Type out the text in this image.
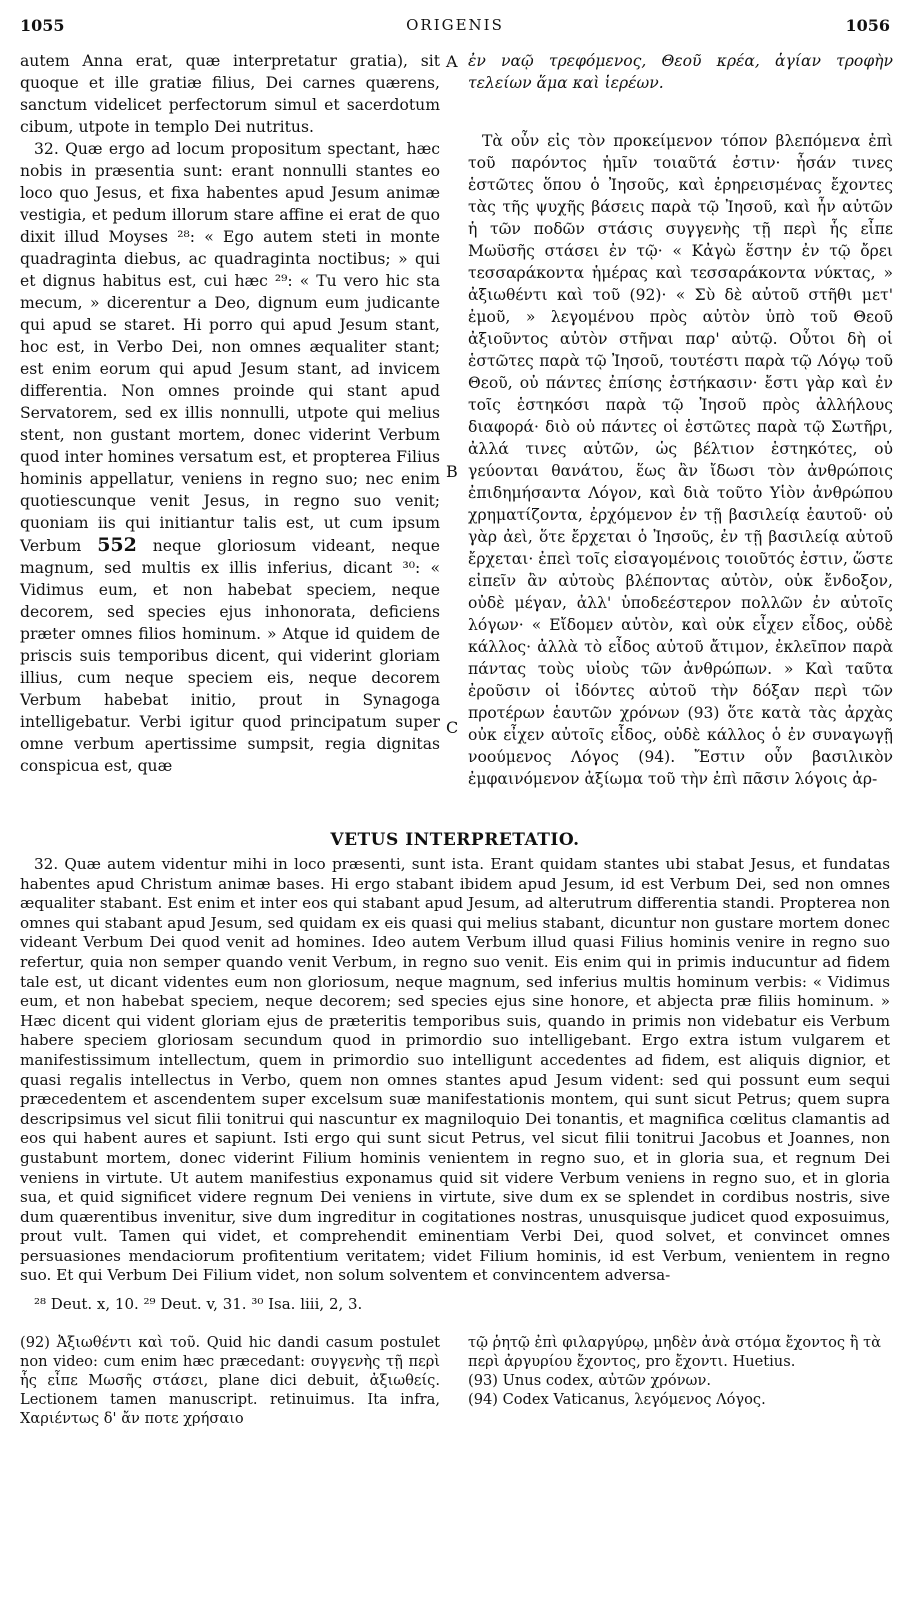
1055	ORIGENIS	1056

autem Anna erat, quæ interpretatur gratia), sit quoque et ille gratiæ filius, Dei carnes quærens, sanctum videlicet perfectorum simul et sacerdotum cibum, utpote in templo Dei nutritus.

32. Quæ ergo ad locum propositum spectant, hæc nobis in præsentia sunt: erant nonnulli stantes eo loco quo Jesus, et fixa habentes apud Jesum animæ vestigia, et pedum illorum stare affine ei erat de quo dixit illud Moyses ²⁸: « Ego autem steti in monte quadraginta diebus, ac quadraginta noctibus; » qui et dignus habitus est, cui hæc ²⁹: « Tu vero hic sta mecum, » dicerentur a Deo, dignum eum judicante qui apud se staret. Hi porro qui apud Jesum stant, hoc est, in Verbo Dei, non omnes æqualiter stant; est enim eorum qui apud Jesum stant, ad invicem differentia. Non omnes proinde qui stant apud Servatorem, sed ex illis nonnulli, utpote qui melius stent, non gustant mortem, donec viderint Verbum quod inter homines versatum est, et propterea Filius hominis appellatur, veniens in regno suo; nec enim quotiescunque venit Jesus, in regno suo venit; quoniam iis qui initiantur talis est, ut cum ipsum Verbum 552 neque gloriosum videant, neque magnum, sed multis ex illis inferius, dicant ³⁰: « Vidimus eum, et non habebat speciem, neque decorem, sed species ejus inhonorata, deficiens præter omnes filios hominum. » Atque id quidem de priscis suis temporibus dicent, qui viderint gloriam illius, cum neque speciem eis, neque decorem Verbum habebat initio, prout in Synagoga intelligebatur. Verbi igitur quod principatum super omne verbum apertissime sumpsit, regia dignitas conspicua est, quæ

A
B
C

ἐν ναῷ τρεφόμενος, Θεοῦ κρέα, ἁγίαν τροφὴν τελείων ἅμα καὶ ἱερέων.

Τὰ οὖν εἰς τὸν προκείμενον τόπον βλεπόμενα ἐπὶ τοῦ παρόντος ἡμῖν τοιαῦτά ἐστιν· ἦσάν τινες ἑστῶτες ὅπου ὁ Ἰησοῦς, καὶ ἐρηρεισμένας ἔχοντες τὰς τῆς ψυχῆς βάσεις παρὰ τῷ Ἰησοῦ, καὶ ἦν αὐτῶν ἡ τῶν ποδῶν στάσις συγγενὴς τῇ περὶ ἧς εἶπε Μωϋσῆς στάσει ἐν τῷ· « Κἀγὼ ἕστην ἐν τῷ ὄρει τεσσαράκοντα ἡμέρας καὶ τεσσαράκοντα νύκτας, » ἀξιωθέντι καὶ τοῦ (92)· « Σὺ δὲ αὐτοῦ στῆθι μετ' ἐμοῦ, » λεγομένου πρὸς αὐτὸν ὑπὸ τοῦ Θεοῦ ἀξιοῦντος αὐτὸν στῆναι παρ' αὐτῷ. Οὗτοι δὴ οἱ ἑστῶτες παρὰ τῷ Ἰησοῦ, τουτέστι παρὰ τῷ Λόγῳ τοῦ Θεοῦ, οὐ πάντες ἐπίσης ἑστήκασιν· ἔστι γὰρ καὶ ἐν τοῖς ἑστηκόσι παρὰ τῷ Ἰησοῦ πρὸς ἀλλήλους διαφορά· διὸ οὐ πάντες οἱ ἑστῶτες παρὰ τῷ Σωτῆρι, ἀλλά τινες αὐτῶν, ὡς βέλτιον ἑστηκότες, οὐ γεύονται θανάτου, ἕως ἂν ἴδωσι τὸν ἀνθρώποις ἐπιδημήσαντα Λόγον, καὶ διὰ τοῦτο Υἱὸν ἀνθρώπου χρηματίζοντα, ἐρχόμενον ἐν τῇ βασιλείᾳ ἑαυτοῦ· οὐ γὰρ ἀεὶ, ὅτε ἔρχεται ὁ Ἰησοῦς, ἐν τῇ βασιλείᾳ αὐτοῦ ἔρχεται· ἐπεὶ τοῖς εἰσαγομένοις τοιοῦτός ἐστιν, ὥστε εἰπεῖν ἂν αὐτοὺς βλέποντας αὐτὸν, οὐκ ἔνδοξον, οὐδὲ μέγαν, ἀλλ' ὑποδεέστερον πολλῶν ἐν αὐτοῖς λόγων· « Εἴδομεν αὐτὸν, καὶ οὐκ εἶχεν εἶδος, οὐδὲ κάλλος· ἀλλὰ τὸ εἶδος αὐτοῦ ἄτιμον, ἐκλεῖπον παρὰ πάντας τοὺς υἱοὺς τῶν ἀνθρώπων. » Καὶ ταῦτα ἐροῦσιν οἱ ἰδόντες αὐτοῦ τὴν δόξαν περὶ τῶν προτέρων ἑαυτῶν χρόνων (93) ὅτε κατὰ τὰς ἀρχὰς οὐκ εἶχεν αὐτοῖς εἶδος, οὐδὲ κάλλος ὁ ἐν συναγωγῇ νοούμενος Λόγος (94). Ἔστιν οὖν βασιλικὸν ἐμφαινόμενον ἀξίωμα τοῦ τὴν ἐπὶ πᾶσιν λόγοις ἀρ-

VETUS INTERPRETATIO.

32. Quæ autem videntur mihi in loco præsenti, sunt ista. Erant quidam stantes ubi stabat Jesus, et fundatas habentes apud Christum animæ bases. Hi ergo stabant ibidem apud Jesum, id est Verbum Dei, sed non omnes æqualiter stabant. Est enim et inter eos qui stabant apud Jesum, ad alterutrum differentia standi. Propterea non omnes qui stabant apud Jesum, sed quidam ex eis quasi qui melius stabant, dicuntur non gustare mortem donec videant Verbum Dei quod venit ad homines. Ideo autem Verbum illud quasi Filius hominis venire in regno suo refertur, quia non semper quando venit Verbum, in regno suo venit. Eis enim qui in primis inducuntur ad fidem tale est, ut dicant videntes eum non gloriosum, neque magnum, sed inferius multis hominum verbis: « Vidimus eum, et non habebat speciem, neque decorem; sed species ejus sine honore, et abjecta præ filiis hominum. » Hæc dicent qui vident gloriam ejus de præteritis temporibus suis, quando in primis non videbatur eis Verbum habere speciem gloriosam secundum quod in primordio suo intelligebant. Ergo extra istum vulgarem et manifestissimum intellectum, quem in primordio suo intelligunt accedentes ad fidem, est aliquis dignior, et quasi regalis intellectus in Verbo, quem non omnes stantes apud Jesum vident: sed qui possunt eum sequi præcedentem et ascendentem super excelsum suæ manifestationis montem, qui sunt sicut Petrus; quem supra descripsimus vel sicut filii tonitrui qui nascuntur ex magniloquio Dei tonantis, et magnifica cœlitus clamantis ad eos qui habent aures et sapiunt. Isti ergo qui sunt sicut Petrus, vel sicut filii tonitrui Jacobus et Joannes, non gustabunt mortem, donec viderint Filium hominis venientem in regno suo, et in gloria sua, et regnum Dei veniens in virtute. Ut autem manifestius exponamus quid sit videre Verbum veniens in regno suo, et in gloria sua, et quid significet videre regnum Dei veniens in virtute, sive dum ex se splendet in cordibus nostris, sive dum quærentibus invenitur, sive dum ingreditur in cogitationes nostras, unusquisque judicet quod exposuimus, prout vult. Tamen qui videt, et comprehendit eminentiam Verbi Dei, quod solvet, et convincet omnes persuasiones mendaciorum profitentium veritatem; videt Filium hominis, id est Verbum, venientem in regno suo. Et qui Verbum Dei Filium videt, non solum solventem et convincentem adversa-

²⁸ Deut. x, 10. ²⁹ Deut. v, 31. ³⁰ Isa. liii, 2, 3.

(92) Ἀξιωθέντι καὶ τοῦ. Quid hic dandi casum postulet non video: cum enim hæc præcedant: συγγενὴς τῇ περὶ ἧς εἶπε Μωσῆς στάσει, plane dici debuit, ἀξιωθείς. Lectionem tamen manuscript. retinuimus. Ita infra, Χαριέντως δ' ἄν ποτε χρήσαιο

τῷ ῥητῷ ἐπὶ φιλαργύρῳ, μηδὲν ἀνὰ στόμα ἔχοντος ἢ τὰ περὶ ἀργυρίου ἔχοντος, pro ἔχοντι. Huetius.

(93) Unus codex, αὐτῶν χρόνων.

(94) Codex Vaticanus, λεγόμενος Λόγος.
